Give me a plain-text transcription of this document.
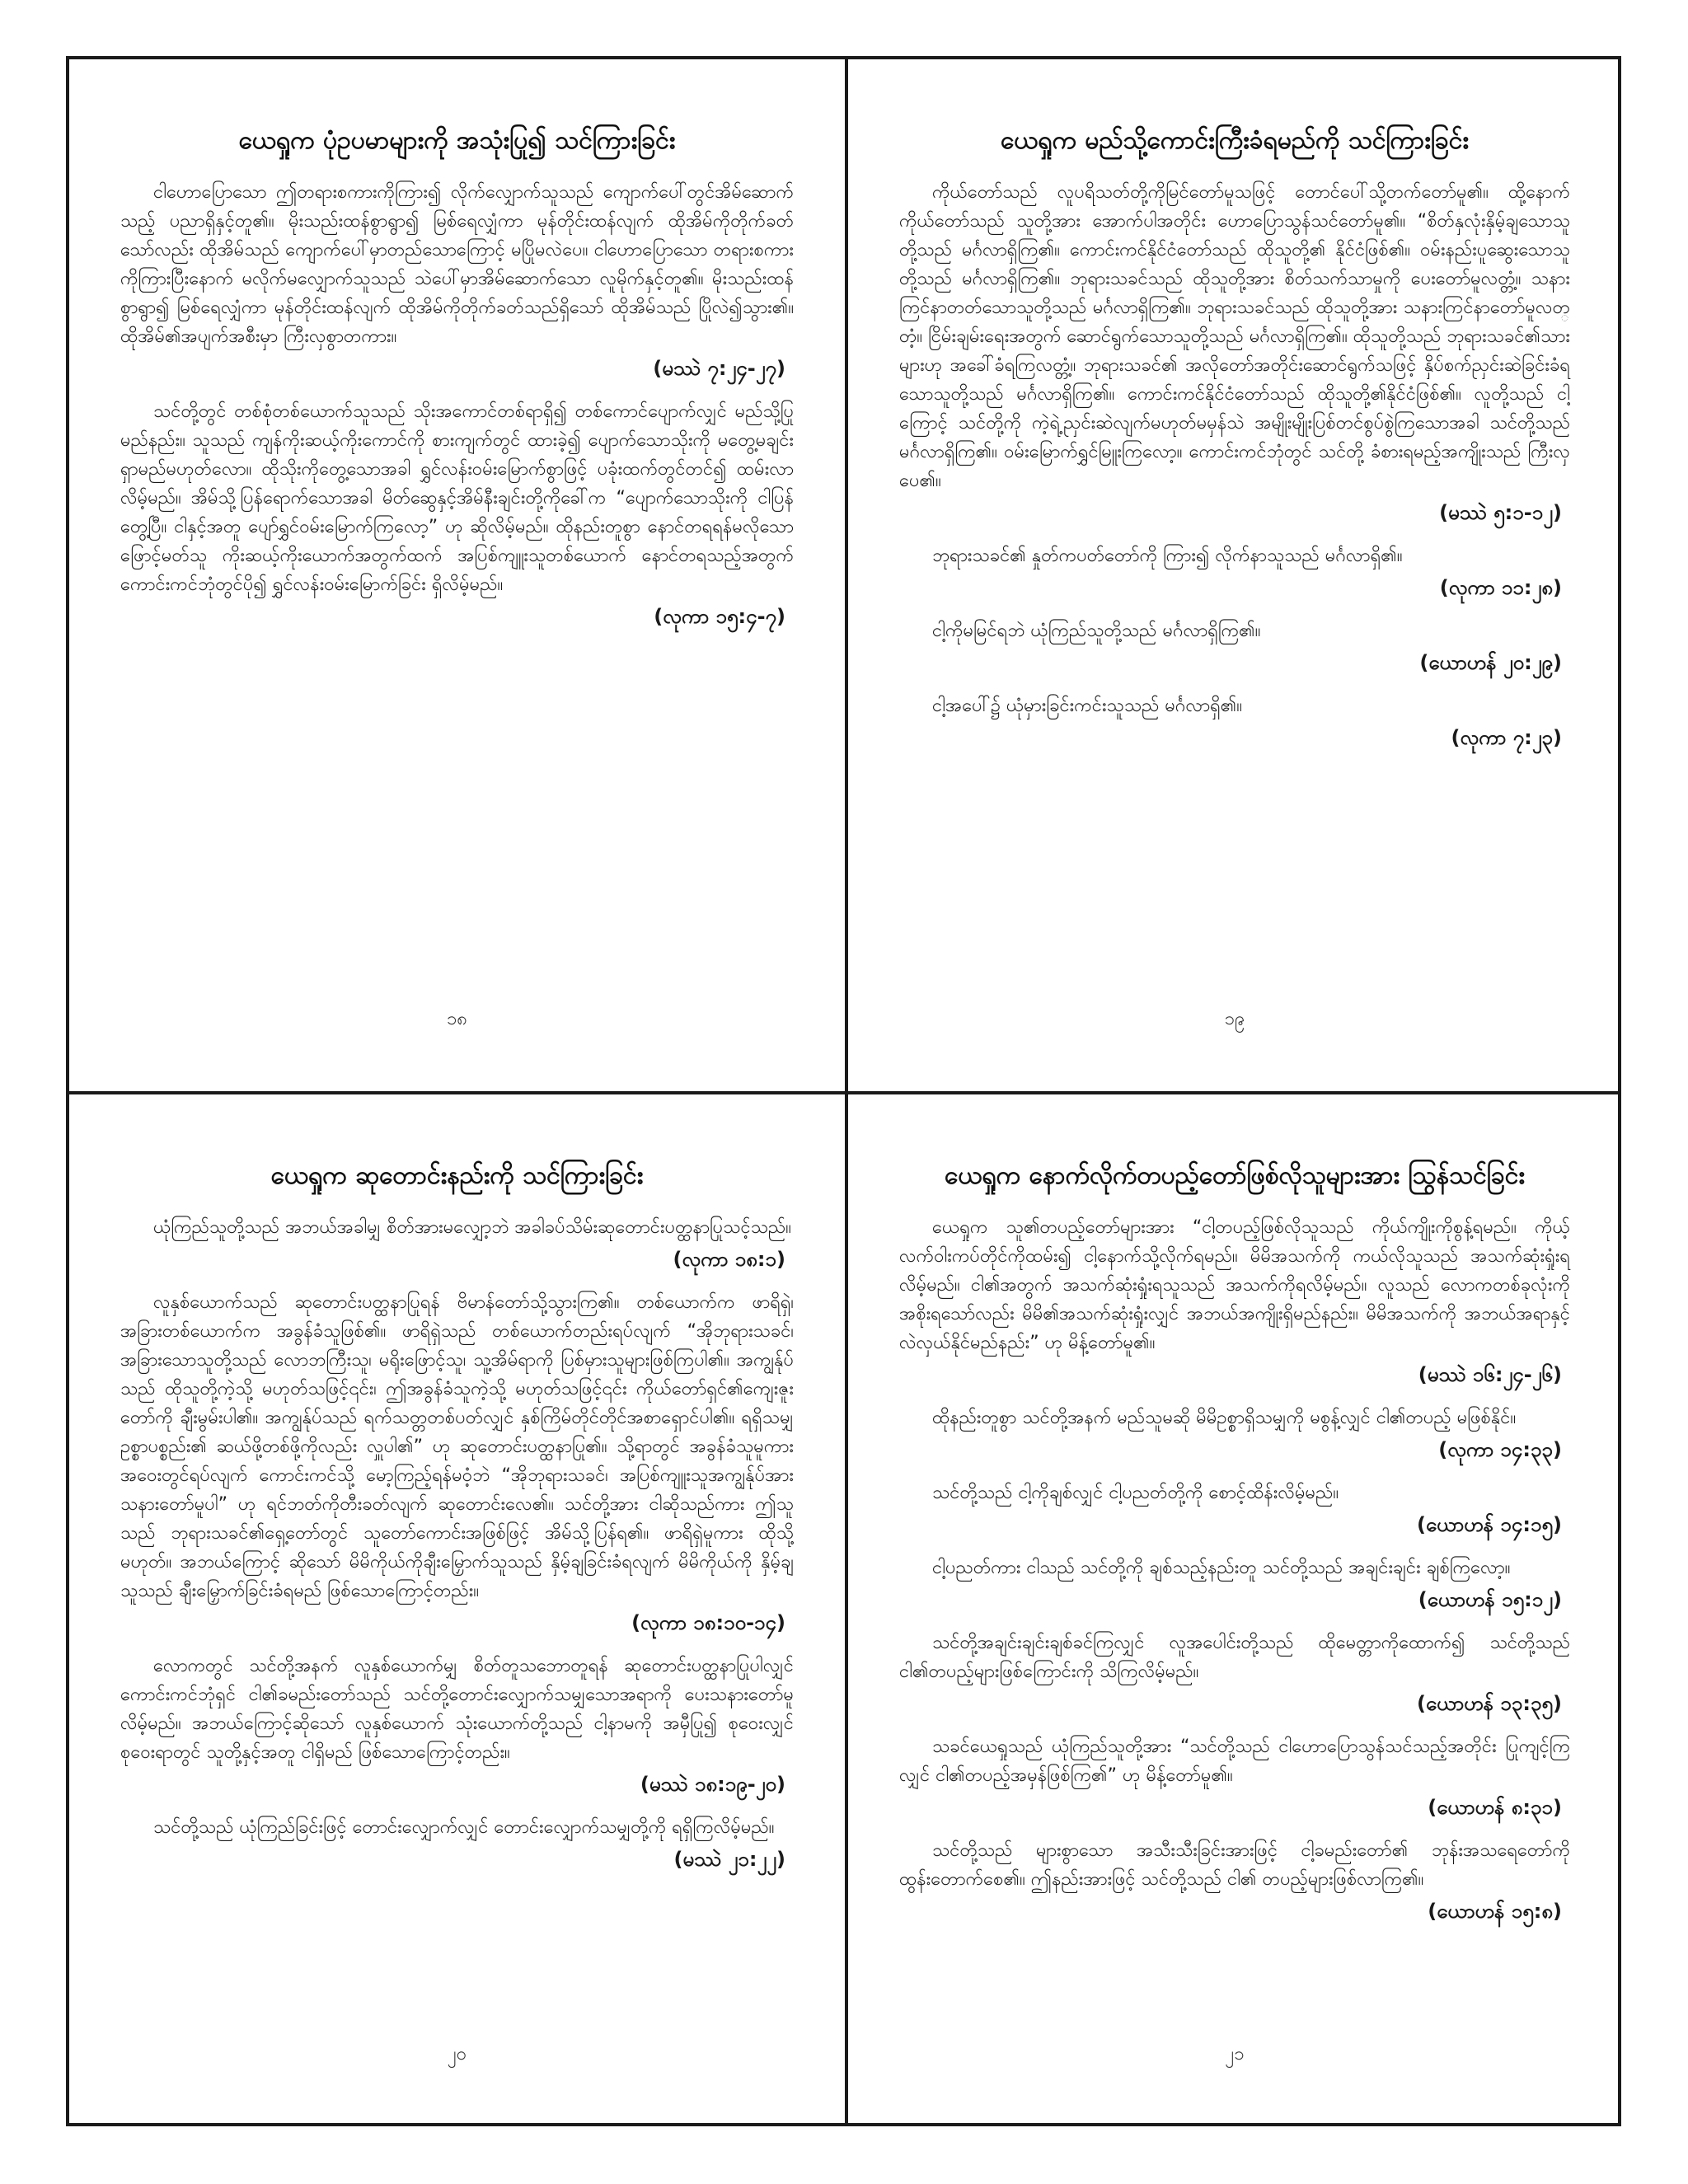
ယေရှုက ပုံဥပမာများကို အသုံးပြု၍ သင်ကြားခြင်း

ငါဟောပြောသော ဤတရားစကားကိုကြား၍ လိုက်လျှောက်သူသည် ကျောက်ပေါ်တွင်အိမ်ဆောက်သည့် ပညာရှိနှင့်တူ၏။ မိုးသည်းထန်စွာရွာ၍ မြစ်ရေလျှံကာ မုန်တိုင်းထန်လျက် ထိုအိမ်ကိုတိုက်ခတ်သော်လည်း ထိုအိမ်သည် ကျောက်ပေါ်မှာတည်သောကြောင့် မပြိုမလဲပေ။ ငါဟောပြောသော တရားစကားကိုကြားပြီးနောက် မလိုက်မလျှောက်သူသည် သဲပေါ်မှာအိမ်ဆောက်သော လူမိုက်နှင့်တူ၏။ မိုးသည်းထန်စွာရွာ၍ မြစ်ရေလျှံကာ မုန်တိုင်းထန်လျက် ထိုအိမ်ကိုတိုက်ခတ်သည်ရှိသော် ထိုအိမ်သည် ပြိုလဲ၍သွား၏။ ထိုအိမ်၏အပျက်အစီးမှာ ကြီးလှစွာတကား။

(မဿဲ ၇:၂၄-၂၇)

သင်တို့တွင် တစ်စုံတစ်ယောက်သူသည် သိုးအကောင်တစ်ရာရှိ၍ တစ်ကောင်ပျောက်လျှင် မည်သို့ပြုမည်နည်း။ သူသည် ကျန်ကိုးဆယ့်ကိုးကောင်ကို စားကျက်တွင် ထားခဲ့၍ ပျောက်သောသိုးကို မတွေ့မချင်းရှာမည်မဟုတ်လော။ ထိုသိုးကိုတွေ့သောအခါ ရွှင်လန်းဝမ်းမြောက်စွာဖြင့် ပခုံးထက်တွင်တင်၍ ထမ်းလာလိမ့်မည်။ အိမ်သို့ပြန်ရောက်သောအခါ မိတ်ဆွေနှင့်အိမ်နီးချင်းတို့ကိုခေါ်က “ပျောက်သောသိုးကို ငါပြန်တွေ့ပြီ။ ငါနှင့်အတူ ပျော်ရွှင်ဝမ်းမြောက်ကြလော့” ဟု ဆိုလိမ့်မည်။ ထိုနည်းတူစွာ နောင်တရရန်မလိုသော ဖြောင့်မတ်သူ ကိုးဆယ့်ကိုးယောက်အတွက်ထက် အပြစ်ကျူးသူတစ်ယောက် နောင်တရသည့်အတွက်ကောင်းကင်ဘုံတွင်ပို၍ ရွှင်လန်းဝမ်းမြောက်ခြင်း ရှိလိမ့်မည်။

(လုကာ ၁၅:၄-၇)
၁၈
ယေရှုက မည်သို့ကောင်းကြီးခံရမည်ကို သင်ကြားခြင်း

ကိုယ်တော်သည် လူပရိသတ်တို့ကိုမြင်တော်မူသဖြင့် တောင်ပေါ်သို့တက်တော်မူ၏။ ထို့နောက် ကိုယ်တော်သည် သူတို့အား အောက်ပါအတိုင်း ဟောပြောသွန်သင်တော်မူ၏။ “စိတ်နှလုံးနှိမ့်ချသောသူတို့သည် မင်္ဂလာရှိကြ၏။ ကောင်းကင်နိုင်ငံတော်သည် ထိုသူတို့၏ နိုင်ငံဖြစ်၏။ ဝမ်းနည်းပူဆွေးသောသူတို့သည် မင်္ဂလာရှိကြ၏။ ဘုရားသခင်သည် ထိုသူတို့အား စိတ်သက်သာမှုကို ပေးတော်မူလတ္တံ့။ သနားကြင်နာတတ်သောသူတို့သည် မင်္ဂလာရှိကြ၏။ ဘုရားသခင်သည် ထိုသူတို့အား သနားကြင်နာတော်မူလတ္တံ့။ ငြိမ်းချမ်းရေးအတွက် ဆောင်ရွက်သောသူတို့သည် မင်္ဂလာရှိကြ၏။ ထိုသူတို့သည် ဘုရားသခင်၏သားများဟု အခေါ်ခံရကြလတ္တံ့။ ဘုရားသခင်၏ အလိုတော်အတိုင်းဆောင်ရွက်သဖြင့် နှိပ်စက်ညှင်းဆဲခြင်းခံရသောသူတို့သည် မင်္ဂလာရှိကြ၏။ ကောင်းကင်နိုင်ငံတော်သည် ထိုသူတို့၏နိုင်ငံဖြစ်၏။ လူတို့သည် ငါ့ကြောင့် သင်တို့ကို ကဲ့ရဲ့ညှင်းဆဲလျက်မဟုတ်မမှန်သဲ အမျိုးမျိုးပြစ်တင်စွပ်စွဲကြသောအခါ သင်တို့သည် မင်္ဂလာရှိကြ၏။ ဝမ်းမြောက်ရွှင်မြူးကြလော့။ ကောင်းကင်ဘုံတွင် သင်တို့ ခံစားရမည့်အကျိုးသည် ကြီးလှပေ၏။

(မဿဲ ၅:၁-၁၂)

ဘုရားသခင်၏ နှုတ်ကပတ်တော်ကို ကြား၍ လိုက်နာသူသည် မင်္ဂလာရှိ၏။

(လုကာ ၁၁:၂၈)

ငါ့ကိုမမြင်ရဘဲ ယုံကြည်သူတို့သည် မင်္ဂလာရှိကြ၏။

(ယောဟန် ၂၀:၂၉)

ငါ့အပေါ်၌ ယုံမှားခြင်းကင်းသူသည် မင်္ဂလာရှိ၏။

(လုကာ ၇:၂၃)
၁၉
ယေရှုက ဆုတောင်းနည်းကို သင်ကြားခြင်း

ယုံကြည်သူတို့သည် အဘယ်အခါမျှ စိတ်အားမလျှော့ဘဲ အခါခပ်သိမ်းဆုတောင်းပတ္ထနာပြုသင့်သည်။

(လုကာ ၁၈:၁)

လူနှစ်ယောက်သည် ဆုတောင်းပတ္ထနာပြုရန် ဗိမာန်တော်သို့သွားကြ၏။ တစ်ယောက်က ဖာရိရှဲ၊ အခြားတစ်ယောက်က အခွန်ခံသူဖြစ်၏။ ဖာရိရှဲသည် တစ်ယောက်တည်းရပ်လျက် “အိုဘုရားသခင်၊ အခြားသောသူတို့သည် လောဘကြီးသူ၊ မရိုးဖြောင့်သူ၊ သူ့အိမ်ရာကို ပြစ်မှားသူများဖြစ်ကြပါ၏။ အကျွန်ုပ်သည် ထိုသူတို့ကဲ့သို့ မဟုတ်သဖြင့်၎င်း၊ ဤအခွန်ခံသူကဲ့သို့ မဟုတ်သဖြင့်၎င်း ကိုယ်တော်ရှင်၏ကျေးဇူးတော်ကို ချီးမွမ်းပါ၏။ အကျွန်ုပ်သည် ရက်သတ္တတစ်ပတ်လျှင် နှစ်ကြိမ်တိုင်တိုင်အစာရှောင်ပါ၏။ ရရှိသမျှဥစ္စာပစ္စည်း၏ ဆယ်ဖို့တစ်ဖို့ကိုလည်း လှူပါ၏” ဟု ဆုတောင်းပတ္ထနာပြု၏။ သို့ရာတွင် အခွန်ခံသူမူကား အဝေးတွင်ရပ်လျက် ကောင်းကင်သို့ မော့ကြည့်ရန်မဝံ့ဘဲ “အိုဘုရားသခင်၊ အပြစ်ကျူးသူအကျွန်ုပ်အား သနားတော်မူပါ” ဟု ရင်ဘတ်ကိုတီးခတ်လျက် ဆုတောင်းလေ၏။ သင်တို့အား ငါဆိုသည်ကား ဤသူသည် ဘုရားသခင်၏ရှေ့တော်တွင် သူတော်ကောင်းအဖြစ်ဖြင့် အိမ်သို့ပြန်ရ၏။ ဖာရိရှဲမူကား ထိုသို့မဟုတ်။ အဘယ်ကြောင့် ဆိုသော် မိမိကိုယ်ကိုချီးမြှောက်သူသည် နှိမ့်ချခြင်းခံရလျက် မိမိကိုယ်ကို နှိမ့်ချသူသည် ချီးမြှောက်ခြင်းခံရမည် ဖြစ်သောကြောင့်တည်း။

(လုကာ ၁၈:၁၀-၁၄)

လောကတွင် သင်တို့အနက် လူနှစ်ယောက်မျှ စိတ်တူသဘောတူရန် ဆုတောင်းပတ္ထနာပြုပါလျှင် ကောင်းကင်ဘုံရှင် ငါ၏ခမည်းတော်သည် သင်တို့တောင်းလျှောက်သမျှသောအရာကို ပေးသနားတော်မူလိမ့်မည်။ အဘယ်ကြောင့်ဆိုသော် လူနှစ်ယောက် သုံးယောက်တို့သည် ငါ့နာမကို အမှီပြု၍ စုဝေးလျှင် စုဝေးရာတွင် သူတို့နှင့်အတူ ငါရှိမည် ဖြစ်သောကြောင့်တည်း။

(မဿဲ ၁၈:၁၉-၂၀)

သင်တို့သည် ယုံကြည်ခြင်းဖြင့် တောင်းလျှောက်လျှင် တောင်းလျှောက်သမျှတို့ကို ရရှိကြလိမ့်မည်။

(မဿဲ ၂၁:၂၂)
၂၀
ယေရှုက နောက်လိုက်တပည့်တော်ဖြစ်လိုသူများအား ဩွန်သင်ခြင်း

ယေရှုက သူ၏တပည့်တော်များအား “ငါ့တပည့်ဖြစ်လိုသူသည် ကိုယ်ကျိုးကိုစွန့်ရမည်။ ကိုယ့်လက်ဝါးကပ်တိုင်ကိုထမ်း၍ ငါ့နောက်သို့လိုက်ရမည်။ မိမိအသက်ကို ကယ်လိုသူသည် အသက်ဆုံးရှုံးရလိမ့်မည်။ ငါ၏အတွက် အသက်ဆုံးရှုံးရသူသည် အသက်ကိုရလိမ့်မည်။ လူသည် လောကတစ်ခုလုံးကို အစိုးရသော်လည်း မိမိ၏အသက်ဆုံးရှုံးလျှင် အဘယ်အကျိုးရှိမည်နည်း။ မိမိအသက်ကို အဘယ်အရာနှင့် လဲလှယ်နိုင်မည်နည်း” ဟု မိန့်တော်မူ၏။

(မဿဲ ၁၆:၂၄-၂၆)

ထိုနည်းတူစွာ သင်တို့အနက် မည်သူမဆို မိမိဥစ္စာရှိသမျှကို မစွန့်လျှင် ငါ၏တပည့် မဖြစ်နိုင်။

(လုကာ ၁၄:၃၃)

သင်တို့သည် ငါ့ကိုချစ်လျှင် ငါ့ပညတ်တို့ကို စောင့်ထိန်းလိမ့်မည်။

(ယောဟန် ၁၄:၁၅)

ငါ့ပညတ်ကား ငါသည် သင်တို့ကို ချစ်သည့်နည်းတူ သင်တို့သည် အချင်းချင်း ချစ်ကြလော့။

(ယောဟန် ၁၅:၁၂)

သင်တို့အချင်းချင်းချစ်ခင်ကြလျှင် လူအပေါင်းတို့သည် ထိုမေတ္တာကိုထောက်၍ သင်တို့သည် ငါ၏တပည့်များဖြစ်ကြောင်းကို သိကြလိမ့်မည်။

(ယောဟန် ၁၃:၃၅)

သခင်ယေရှုသည် ယုံကြည်သူတို့အား “သင်တို့သည် ငါဟောပြောသွန်သင်သည့်အတိုင်း ပြုကျင့်ကြလျှင် ငါ၏တပည့်အမှန်ဖြစ်ကြ၏” ဟု မိန့်တော်မူ၏။

(ယောဟန် ၈:၃၁)

သင်တို့သည် များစွာသော အသီးသီးခြင်းအားဖြင့် ငါ့ခမည်းတော်၏ ဘုန်းအသရေတော်ကို ထွန်းတောက်စေ၏။ ဤနည်းအားဖြင့် သင်တို့သည် ငါ၏ တပည့်များဖြစ်လာကြ၏။

(ယောဟန် ၁၅:၈)
၂၁
